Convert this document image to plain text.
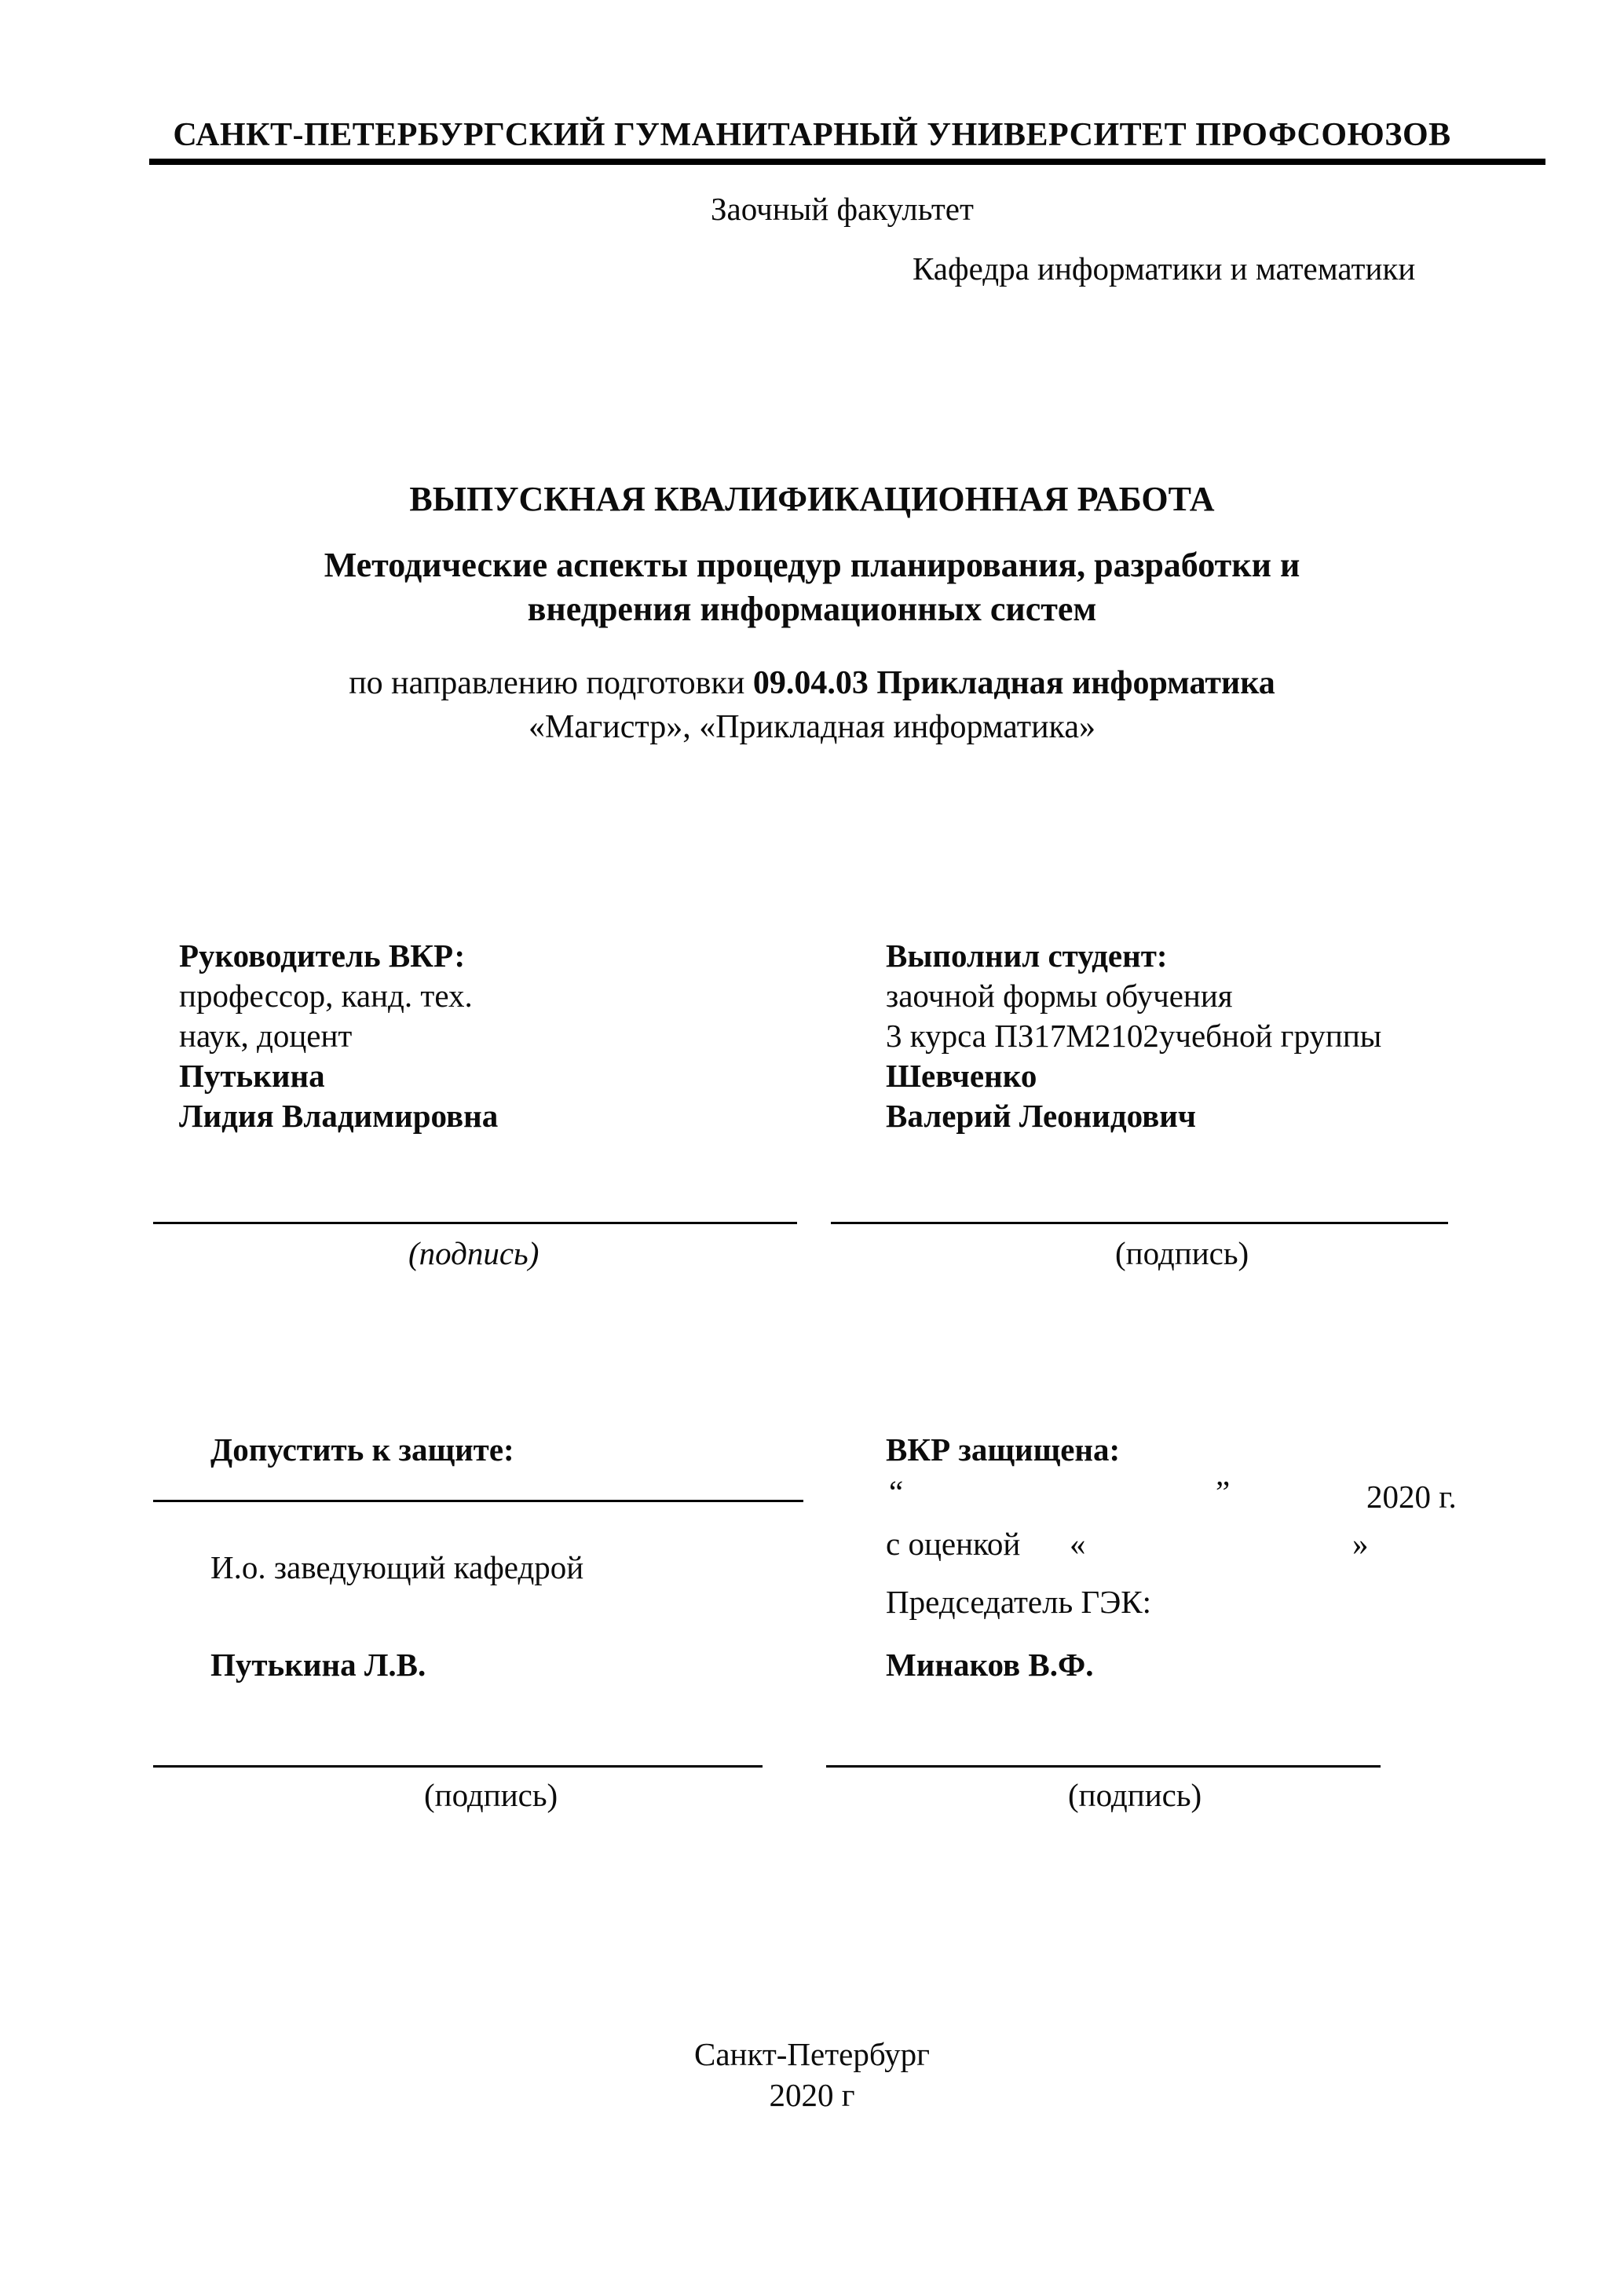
САНКТ-ПЕТЕРБУРГСКИЙ ГУМАНИТАРНЫЙ УНИВЕРСИТЕТ ПРОФСОЮЗОВ
Заочный факультет
Кафедра информатики и математики
ВЫПУСКНАЯ КВАЛИФИКАЦИОННАЯ РАБОТА
Методические аспекты процедур планирования, разработки и
внедрения информационных систем
по направлению подготовки 09.04.03 Прикладная информатика
«Магистр», «Прикладная информатика»
Руководитель ВКР:
профессор, канд. тех.
наук, доцент
Путькина
Лидия Владимировна
Выполнил студент:
заочной формы обучения
3 курса ПЗ17М2102учебной группы
Шевченко
Валерий Леонидович
(подпись)	(подпись)
Допустить к защите:
И.о. заведующий кафедрой
Путькина Л.В.
ВКР защищена:
“	”	2020 г.
с оценкой «	»
Председатель ГЭК:
Минаков В.Ф.
(подпись)	(подпись)
Санкт-Петербург
2020 г
